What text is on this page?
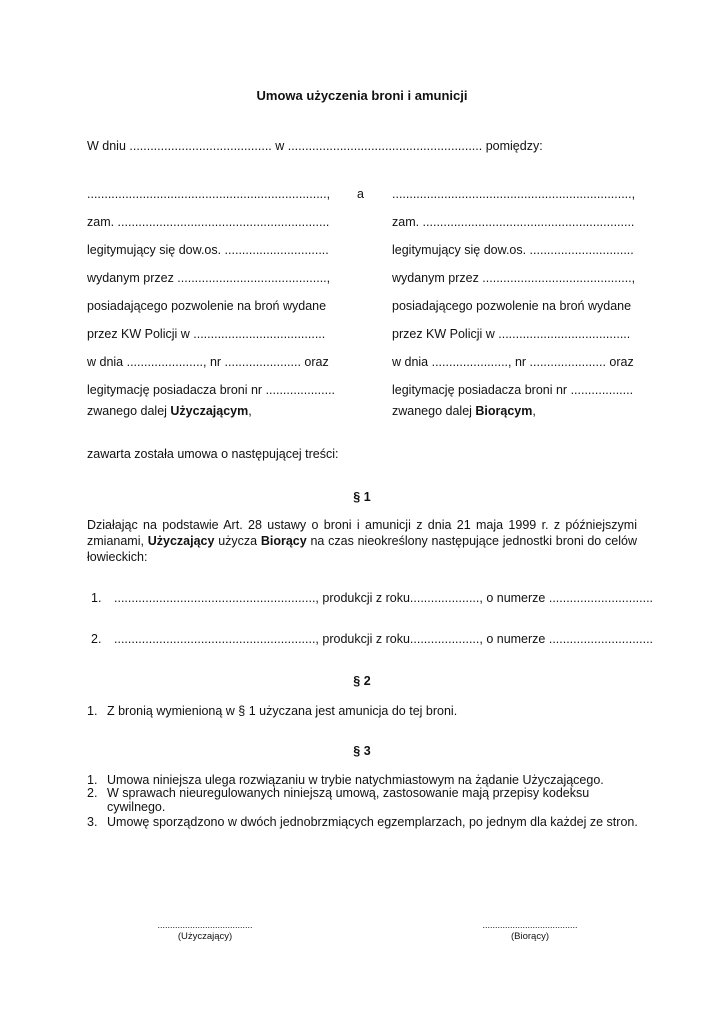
Umowa użyczenia broni i amunicji
W dniu ......................................... w ........................................................ pomiędzy:
.....................................................................,
zam. .............................................................
legitymujący się dow.os. ..............................
wydanym przez ...........................................,
posiadającego pozwolenie na broń wydane
przez KW Policji w ......................................
w dnia ......................, nr ...................... oraz
legitymację posiadacza broni nr ....................
zwanego dalej Użyczającym,
a .....................................................................,
zam. .............................................................
legitymujący się dow.os. ..............................
wydanym przez ...........................................,
posiadającego pozwolenie na broń wydane
przez KW Policji w ......................................
w dnia ......................, nr ...................... oraz
legitymację posiadacza broni nr ..................
zwanego dalej Biorącym,
zawarta została umowa o następującej treści:
§ 1
Działając na podstawie Art. 28 ustawy o broni i amunicji z dnia 21 maja 1999 r. z późniejszymi zmianami, Użyczający użycza Biorący na czas nieokreślony następujące jednostki broni do celów łowieckich:
1. .........................................................., produkcji z roku...................., o numerze ..............................
2. .........................................................., produkcji z roku...................., o numerze ..............................
§ 2
1. Z bronią wymienioną w § 1 użyczana jest amunicja do tej broni.
§ 3
1. Umowa niniejsza ulega rozwiązaniu w trybie natychmiastowym na żądanie Użyczającego.
2. W sprawach nieuregulowanych niniejszą umową, zastosowanie mają przepisy kodeksu
cywilnego.
3. Umowę sporządzono w dwóch jednobrzmiących egzemplarzach, po jednym dla każdej ze stron.
......................................
(Użyczający)
......................................
(Biorący)
